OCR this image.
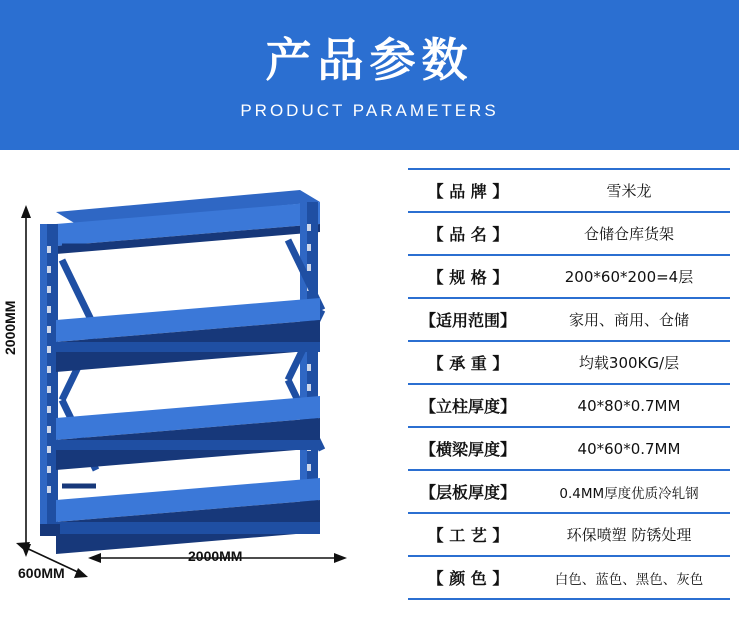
产品参数
PRODUCT PARAMETERS
2000MM
2000MM
600MM
【 品 牌 】	雪米龙
【 品 名 】	仓储仓库货架
【 规 格 】	200*60*200=4层
【适用范围】	家用、商用、仓储
【 承 重 】	均载300KG/层
【立柱厚度】	40*80*0.7MM
【横梁厚度】	40*60*0.7MM
【层板厚度】	0.4MM厚度优质冷轧钢
【 工 艺 】	环保喷塑 防锈处理
【 颜 色 】	白色、蓝色、黑色、灰色
